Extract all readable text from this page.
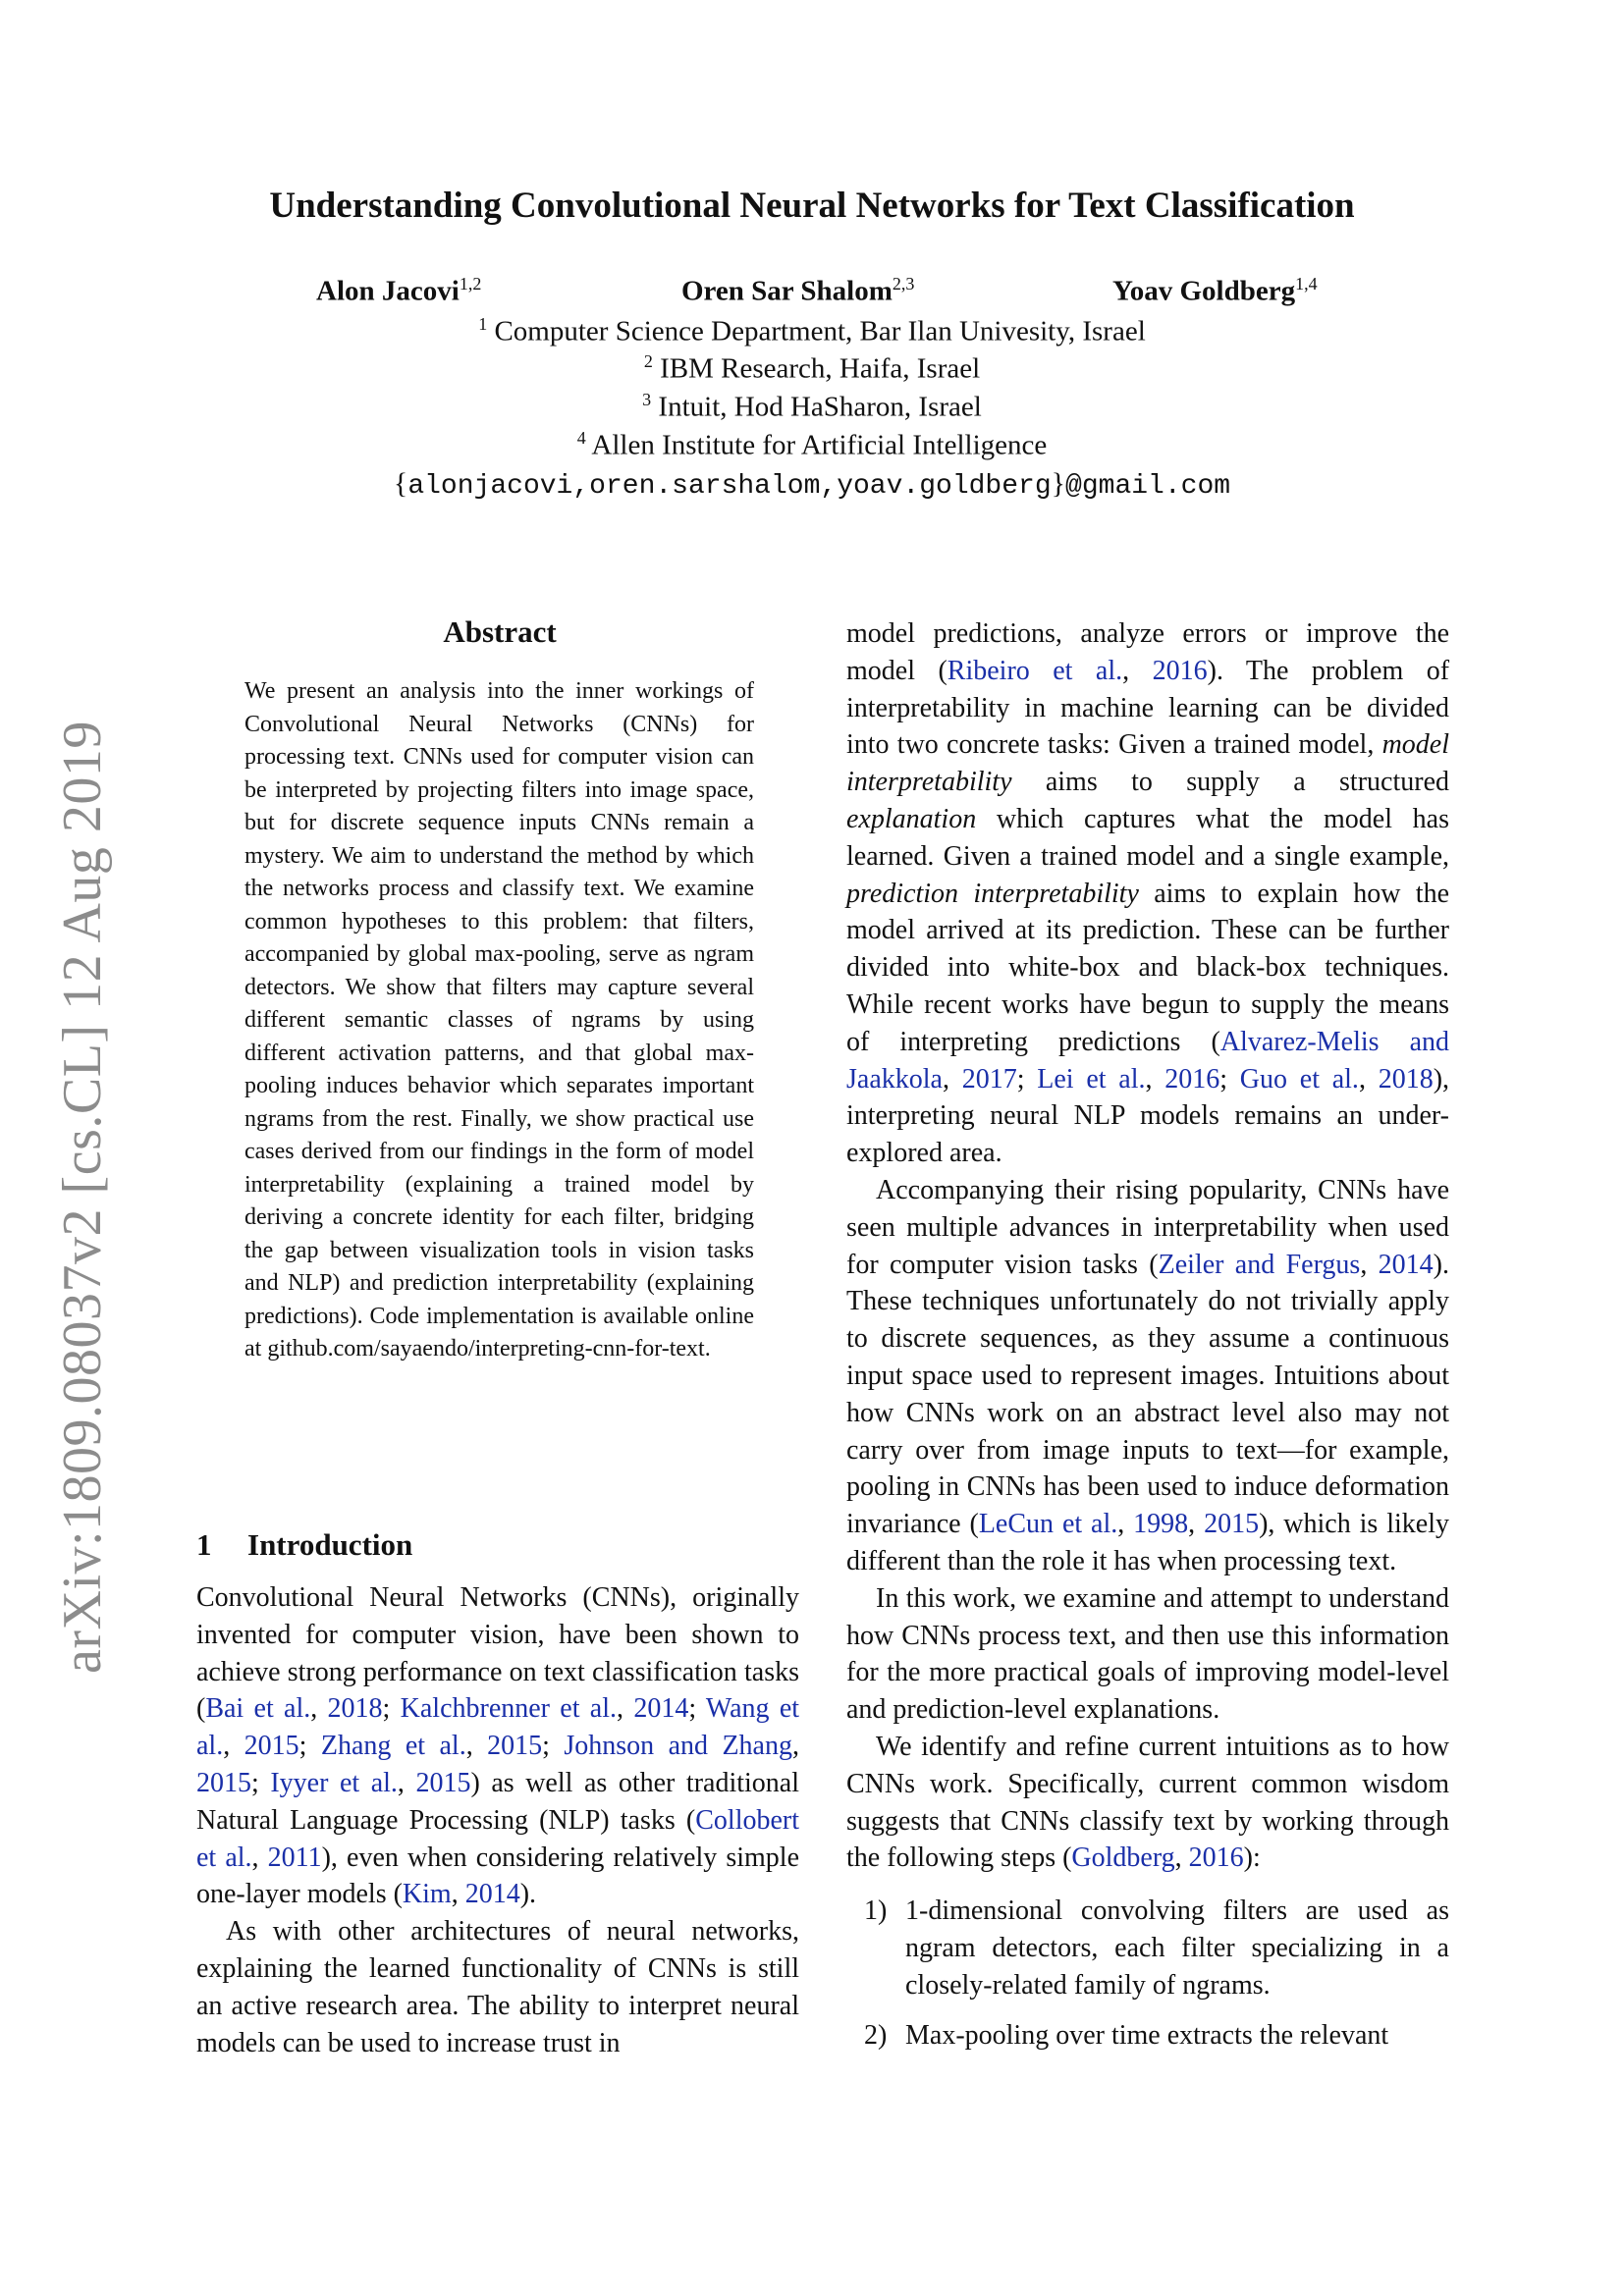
arXiv:1809.08037v2 [cs.CL] 12 Aug 2019
Understanding Convolutional Neural Networks for Text Classification
Alon Jacovi$^{1,2}$	Oren Sar Shalom$^{2,3}$	Yoav Goldberg$^{1,4}$
$^1$ Computer Science Department, Bar Ilan Univesity, Israel
$^2$ IBM Research, Haifa, Israel
$^3$ Intuit, Hod HaSharon, Israel
$^4$ Allen Institute for Artificial Intelligence
{alonjacovi,oren.sarshalom,yoav.goldberg}@gmail.com
Abstract
We present an analysis into the inner workings of Convolutional Neural Networks (CNNs) for processing text. CNNs used for computer vision can be interpreted by projecting filters into image space, but for discrete sequence inputs CNNs remain a mystery. We aim to understand the method by which the networks process and classify text. We examine common hypotheses to this problem: that filters, accompanied by global max-pooling, serve as ngram detectors. We show that filters may capture several different semantic classes of ngrams by using different activation patterns, and that global max-pooling induces behavior which separates important ngrams from the rest. Finally, we show practical use cases derived from our findings in the form of model interpretability (explaining a trained model by deriving a concrete identity for each filter, bridging the gap between visualization tools in vision tasks and NLP) and prediction interpretability (explaining predictions). Code implementation is available online at github.com/sayaendo/interpreting-cnn-for-text.
1 Introduction

Convolutional Neural Networks (CNNs), originally invented for computer vision, have been shown to achieve strong performance on text classification tasks (Bai et al., 2018; Kalchbrenner et al., 2014; Wang et al., 2015; Zhang et al., 2015; Johnson and Zhang, 2015; Iyyer et al., 2015) as well as other traditional Natural Language Processing (NLP) tasks (Collobert et al., 2011), even when considering relatively simple one-layer models (Kim, 2014).

As with other architectures of neural networks, explaining the learned functionality of CNNs is still an active research area. The ability to interpret neural models can be used to increase trust in

model predictions, analyze errors or improve the model (Ribeiro et al., 2016). The problem of interpretability in machine learning can be divided into two concrete tasks: Given a trained model, model interpretability aims to supply a structured explanation which captures what the model has learned. Given a trained model and a single example, prediction interpretability aims to explain how the model arrived at its prediction. These can be further divided into white-box and black-box techniques. While recent works have begun to supply the means of interpreting predictions (Alvarez-Melis and Jaakkola, 2017; Lei et al., 2016; Guo et al., 2018), interpreting neural NLP models remains an under-explored area.

Accompanying their rising popularity, CNNs have seen multiple advances in interpretability when used for computer vision tasks (Zeiler and Fergus, 2014). These techniques unfortunately do not trivially apply to discrete sequences, as they assume a continuous input space used to represent images. Intuitions about how CNNs work on an abstract level also may not carry over from image inputs to text—for example, pooling in CNNs has been used to induce deformation invariance (LeCun et al., 1998, 2015), which is likely different than the role it has when processing text.

In this work, we examine and attempt to understand how CNNs process text, and then use this information for the more practical goals of improving model-level and prediction-level explanations.

We identify and refine current intuitions as to how CNNs work. Specifically, current common wisdom suggests that CNNs classify text by working through the following steps (Goldberg, 2016):

1) 1-dimensional convolving filters are used as ngram detectors, each filter specializing in a closely-related family of ngrams.
2) Max-pooling over time extracts the relevant
